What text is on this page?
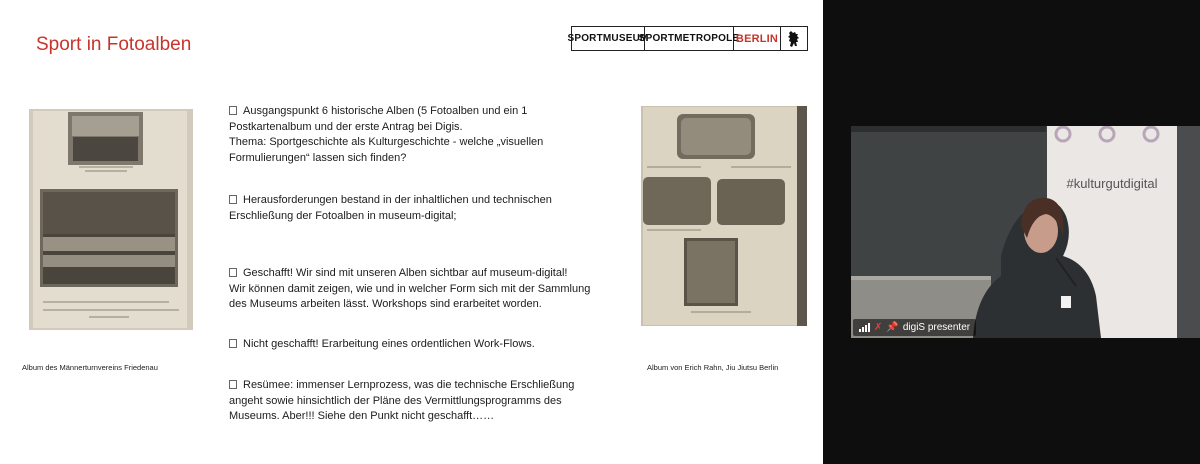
Sport in Fotoalben	SPORTMUSEUM
SPORTMETROPOLE
BERLIN
Album des Männerturnvereins Friedenau	Album von Erich Rahn, Jiu Jiutsu Berlin
Ausgangspunkt 6 historische Alben (5 Fotoalben und ein 1
Postkartenalbum und der erste Antrag bei Digis.
Thema: Sportgeschichte als Kulturgeschichte - welche „visuellen
Formulierungen“ lassen sich finden?
Herausforderungen bestand in der inhaltlichen und technischen
Erschließung der Fotoalben in museum-digital;
Geschafft! Wir sind mit unseren Alben sichtbar auf museum-digital!
Wir können damit zeigen, wie und in welcher Form sich mit der Sammlung
des Museums arbeiten lässt. Workshops sind erarbeitet worden.
Nicht geschafft! Erarbeitung eines ordentlichen Work-Flows.
Resümee: immenser Lernprozess, was die technische Erschließung
angeht sowie hinsichtlich der Pläne des Vermittlungsprogramms des
Museums. Aber!!! Siehe den Punkt nicht geschafft……
#kulturgutdigital
✗ 📌 digiS presenter
